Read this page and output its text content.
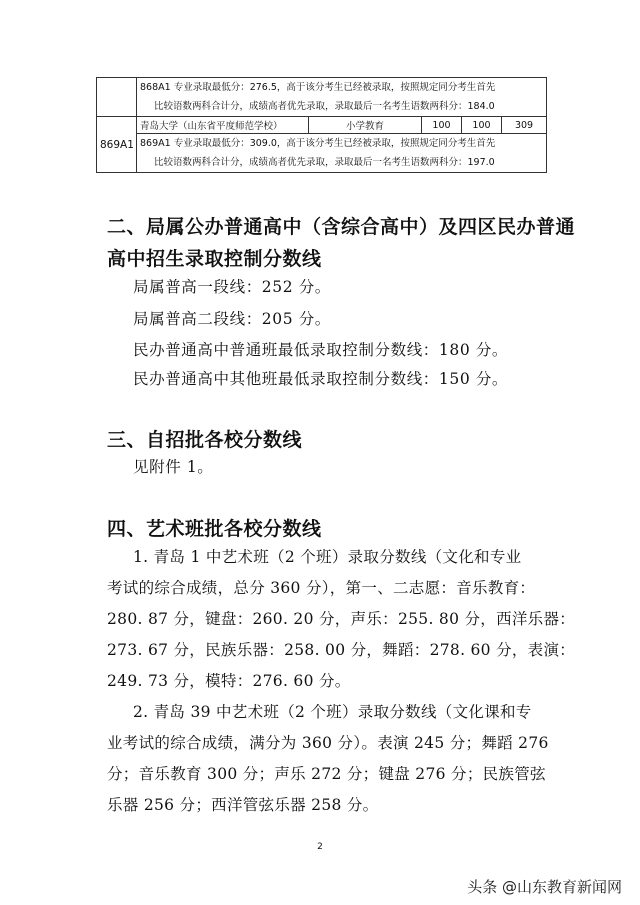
	868A1 专业录取最低分：276.5，高于该分考生已经被录取，按照规定同分考生首先
比较语数两科合计分，成绩高者优先录取，录取最后一名考生语数两科分：184.0				

869A1	青岛大学（山东省平度师范学校）	小学教育	100	100	309
	869A1 专业录取最低分：309.0，高于该分考生已经被录取，按照规定同分考生首先
比较语数两科合计分，成绩高者优先录取，录取最后一名考生语数两科分：197.0				
二、局属公办普通高中（含综合高中）及四区民办普通
高中招生录取控制分数线
局属普高一段线：252 分。
局属普高二段线：205 分。
民办普通高中普通班最低录取控制分数线：180 分。
民办普通高中其他班最低录取控制分数线：150 分。
三、自招批各校分数线
见附件 1。
四、艺术班批各校分数线
1. 青岛 1 中艺术班（2 个班）录取分数线（文化和专业
考试的综合成绩，总分 360 分），第一、二志愿：音乐教育：
280. 87 分，键盘：260. 20 分，声乐：255. 80 分，西洋乐器：
273. 67 分，民族乐器：258. 00 分，舞蹈：278. 60 分，表演：
249. 73 分，模特：276. 60 分。
2. 青岛 39 中艺术班（2 个班）录取分数线（文化课和专
业考试的综合成绩，满分为 360 分）。表演 245 分；舞蹈 276
分；音乐教育 300 分；声乐 272 分；键盘 276 分；民族管弦
乐器 256 分；西洋管弦乐器 258 分。
2
头条 @山东教育新闻网
